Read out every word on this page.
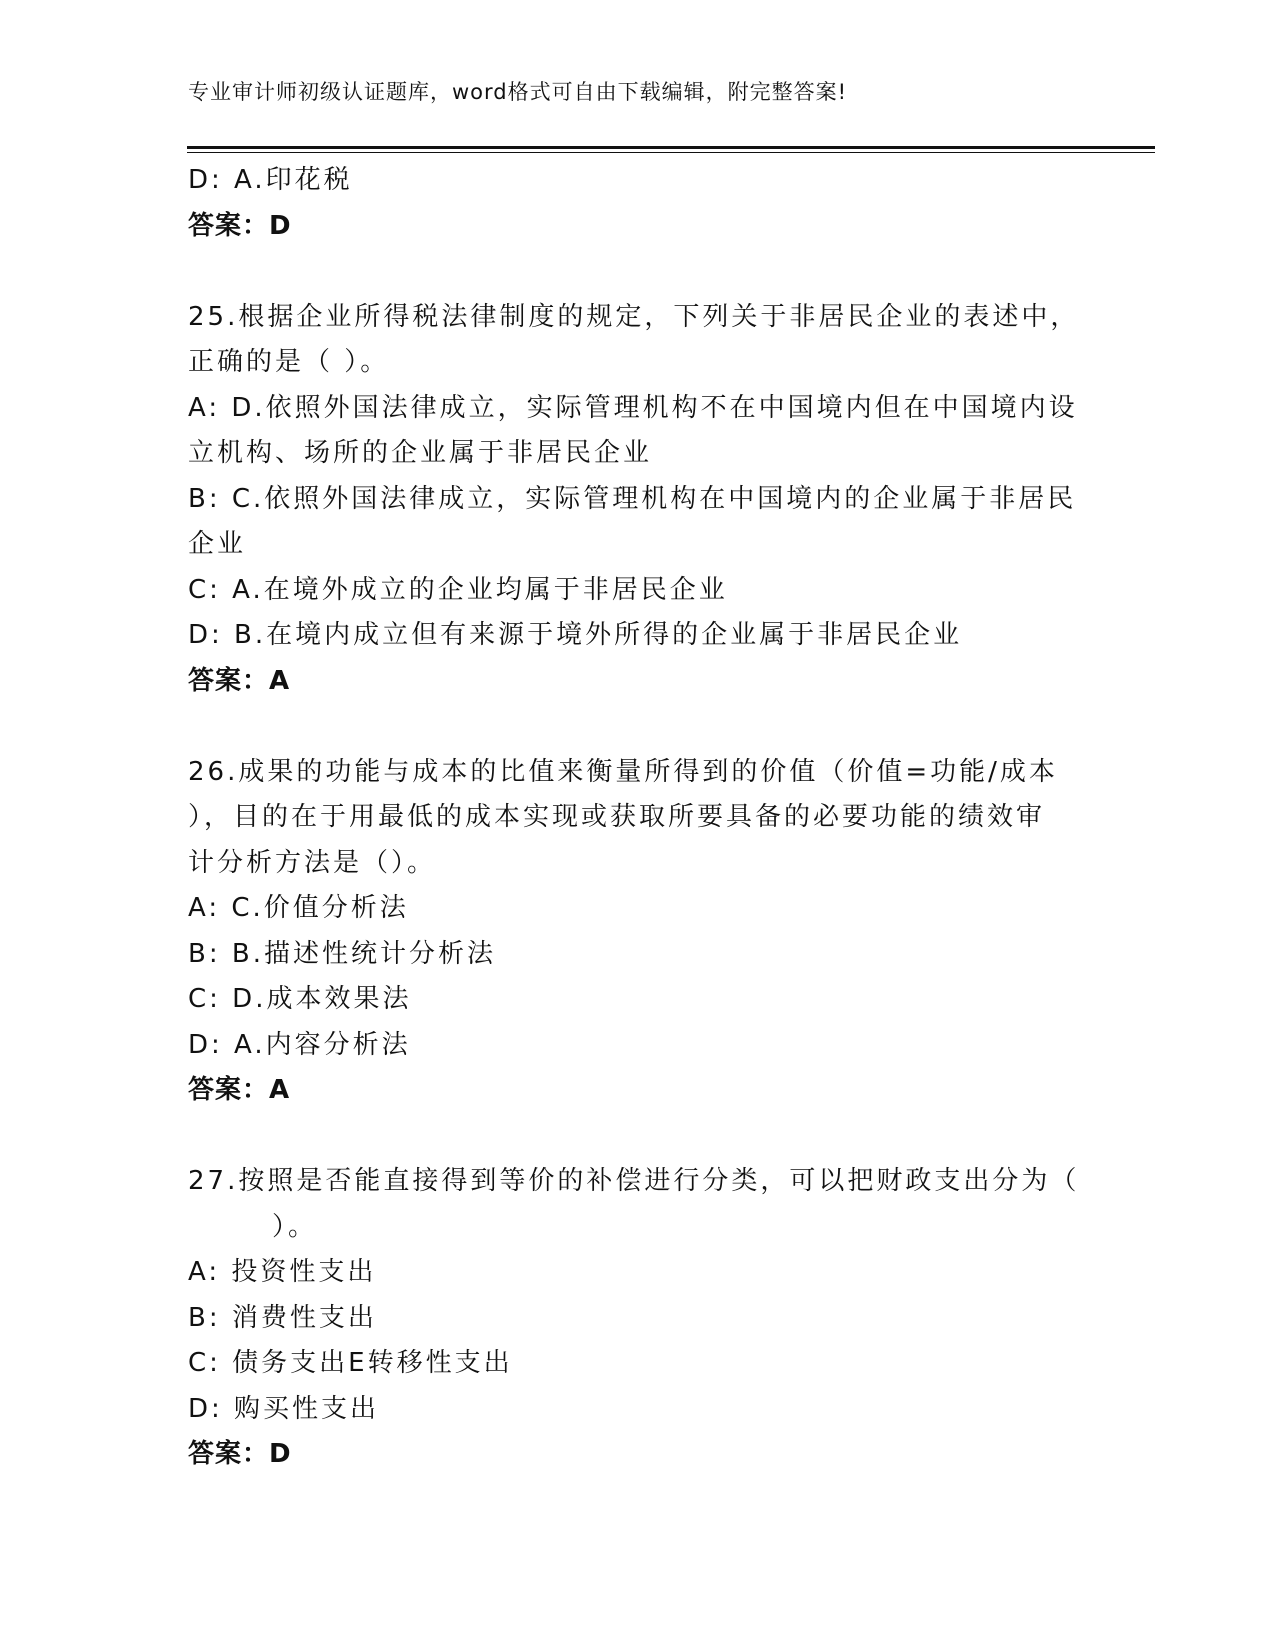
专业审计师初级认证题库，word格式可自由下载编辑，附完整答案!
D: A.印花税
答案：D
25.根据企业所得税法律制度的规定，下列关于非居民企业的表述中，
正确的是（ ）。
A: D.依照外国法律成立，实际管理机构不在中国境内但在中国境内设
立机构、场所的企业属于非居民企业
B: C.依照外国法律成立，实际管理机构在中国境内的企业属于非居民
企业
C: A.在境外成立的企业均属于非居民企业
D: B.在境内成立但有来源于境外所得的企业属于非居民企业
答案：A
26.成果的功能与成本的比值来衡量所得到的价值（价值=功能/成本
），目的在于用最低的成本实现或获取所要具备的必要功能的绩效审
计分析方法是（）。
A: C.价值分析法
B: B.描述性统计分析法
C: D.成本效果法
D: A.内容分析法
答案：A
27.按照是否能直接得到等价的补偿进行分类，可以把财政支出分为（
）。
A: 投资性支出
B: 消费性支出
C: 债务支出E转移性支出
D: 购买性支出
答案：D
